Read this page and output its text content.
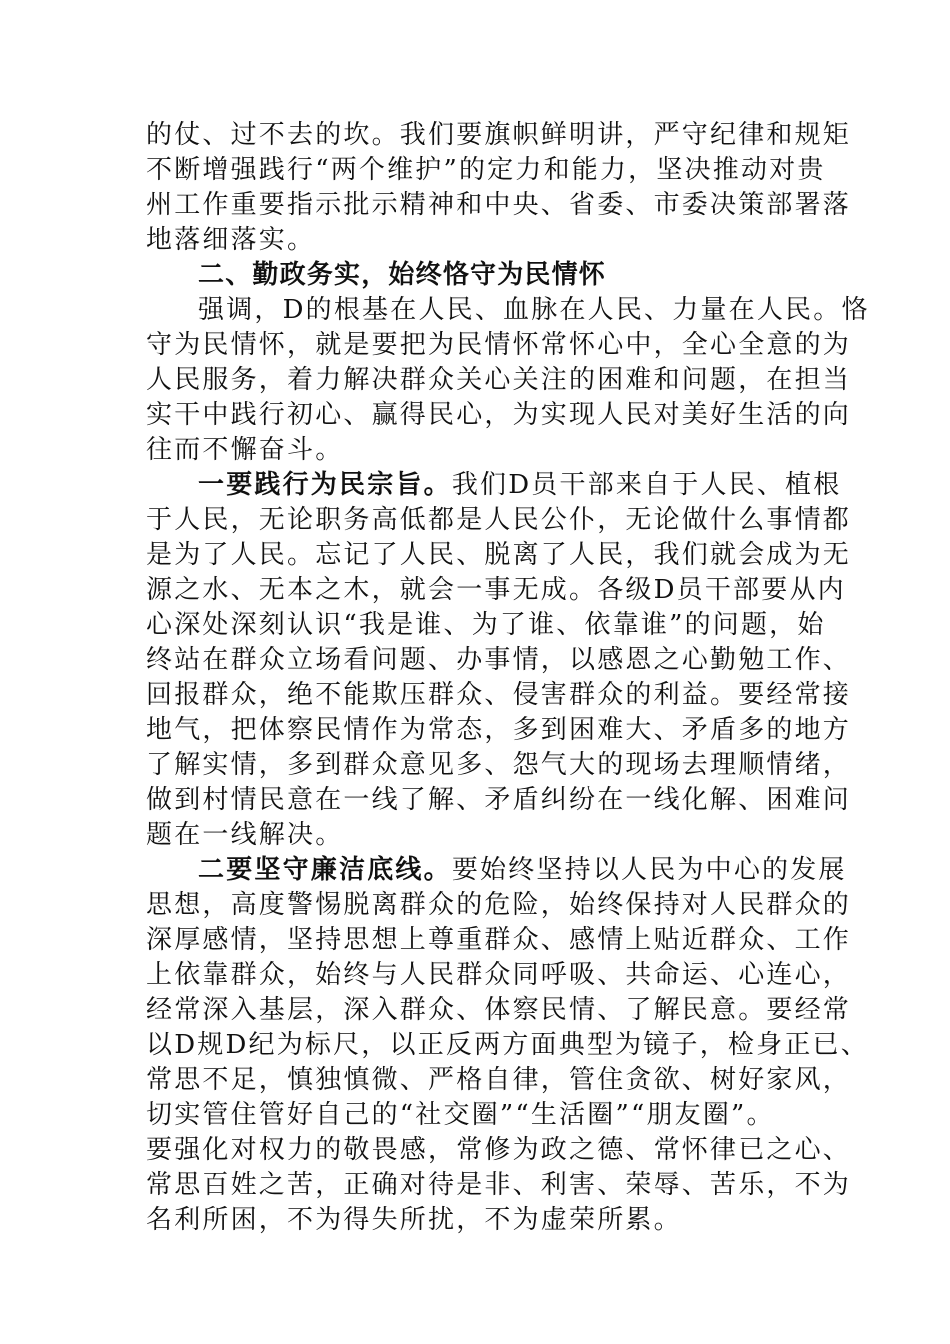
的仗、过不去的坎。我们要旗帜鲜明讲，严守纪律和规矩
不断增强践行“两个维护”的定力和能力，坚决推动对贵
州工作重要指示批示精神和中央、省委、市委决策部署落
地落细落实。
二、勤政务实，始终恪守为民情怀
强调，D的根基在人民、血脉在人民、力量在人民。恪
守为民情怀，就是要把为民情怀常怀心中，全心全意的为
人民服务，着力解决群众关心关注的困难和问题，在担当
实干中践行初心、赢得民心，为实现人民对美好生活的向
往而不懈奋斗。
一要践行为民宗旨。我们D员干部来自于人民、植根
于人民，无论职务高低都是人民公仆，无论做什么事情都
是为了人民。忘记了人民、脱离了人民，我们就会成为无
源之水、无本之木，就会一事无成。各级D员干部要从内
心深处深刻认识“我是谁、为了谁、依靠谁”的问题，始
终站在群众立场看问题、办事情，以感恩之心勤勉工作、
回报群众，绝不能欺压群众、侵害群众的利益。要经常接
地气，把体察民情作为常态，多到困难大、矛盾多的地方
了解实情，多到群众意见多、怨气大的现场去理顺情绪，
做到村情民意在一线了解、矛盾纠纷在一线化解、困难问
题在一线解决。
二要坚守廉洁底线。要始终坚持以人民为中心的发展
思想，高度警惕脱离群众的危险，始终保持对人民群众的
深厚感情，坚持思想上尊重群众、感情上贴近群众、工作
上依靠群众，始终与人民群众同呼吸、共命运、心连心，
经常深入基层，深入群众、体察民情、了解民意。要经常
以D规D纪为标尺，以正反两方面典型为镜子，检身正已、
常思不足，慎独慎微、严格自律，管住贪欲、树好家风，
切实管住管好自己的“社交圈”“生活圈”“朋友圈”。
要强化对权力的敬畏感，常修为政之德、常怀律已之心、
常思百姓之苦，正确对待是非、利害、荣辱、苦乐，不为
名利所困，不为得失所扰，不为虚荣所累。
